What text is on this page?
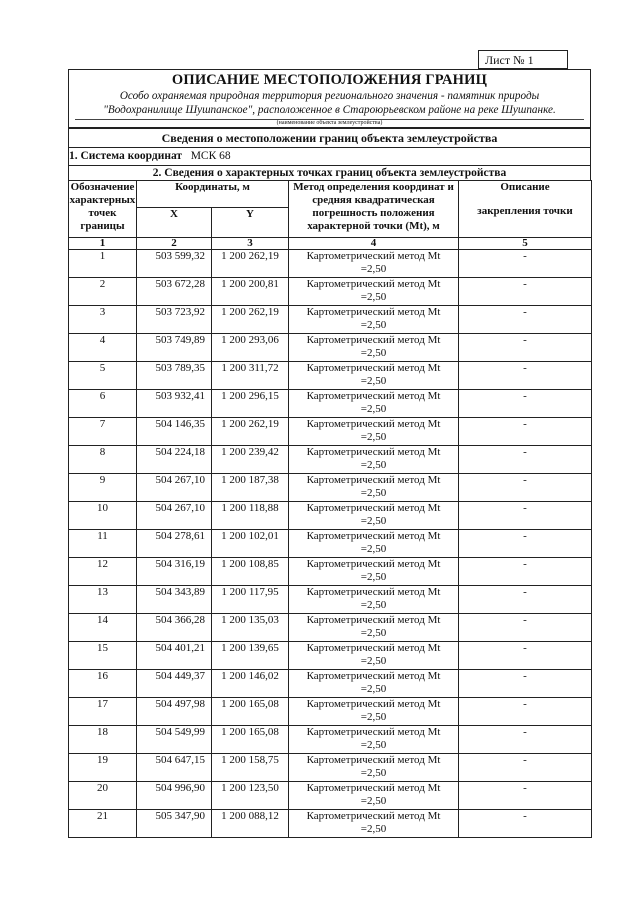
Лист № 1
ОПИСАНИЕ МЕСТОПОЛОЖЕНИЯ ГРАНИЦ
Особо охраняемая природная территория регионального значения - памятник природы
"Водохранилище Шушпанское", расположенное в Староюрьевском районе на реке Шушпанке.
(наименование объекта землеустройства)
Сведения о местоположении границ объекта землеустройства
1. Система координат МСК 68
2. Сведения о характерных точках границ объекта землеустройства
Обозначение характерных точек границы	Координаты, м		Метод определения координат и средняя квадратическая погрешность положения характерной точки (Mt), м	Описание
закрепления точки

	X	Y		
1	2	3	4	5
1	503 599,32	1 200 262,19	Картометрический метод Mt
=2,50	-
2	503 672,28	1 200 200,81	Картометрический метод Mt
=2,50	-
3	503 723,92	1 200 262,19	Картометрический метод Mt
=2,50	-
4	503 749,89	1 200 293,06	Картометрический метод Mt
=2,50	-
5	503 789,35	1 200 311,72	Картометрический метод Mt
=2,50	-
6	503 932,41	1 200 296,15	Картометрический метод Mt
=2,50	-
7	504 146,35	1 200 262,19	Картометрический метод Mt
=2,50	-
8	504 224,18	1 200 239,42	Картометрический метод Mt
=2,50	-
9	504 267,10	1 200 187,38	Картометрический метод Mt
=2,50	-
10	504 267,10	1 200 118,88	Картометрический метод Mt
=2,50	-
11	504 278,61	1 200 102,01	Картометрический метод Mt
=2,50	-
12	504 316,19	1 200 108,85	Картометрический метод Mt
=2,50	-
13	504 343,89	1 200 117,95	Картометрический метод Mt
=2,50	-
14	504 366,28	1 200 135,03	Картометрический метод Mt
=2,50	-
15	504 401,21	1 200 139,65	Картометрический метод Mt
=2,50	-
16	504 449,37	1 200 146,02	Картометрический метод Mt
=2,50	-
17	504 497,98	1 200 165,08	Картометрический метод Mt
=2,50	-
18	504 549,99	1 200 165,08	Картометрический метод Mt
=2,50	-
19	504 647,15	1 200 158,75	Картометрический метод Mt
=2,50	-
20	504 996,90	1 200 123,50	Картометрический метод Mt
=2,50	-
21	505 347,90	1 200 088,12	Картометрический метод Mt
=2,50	-
